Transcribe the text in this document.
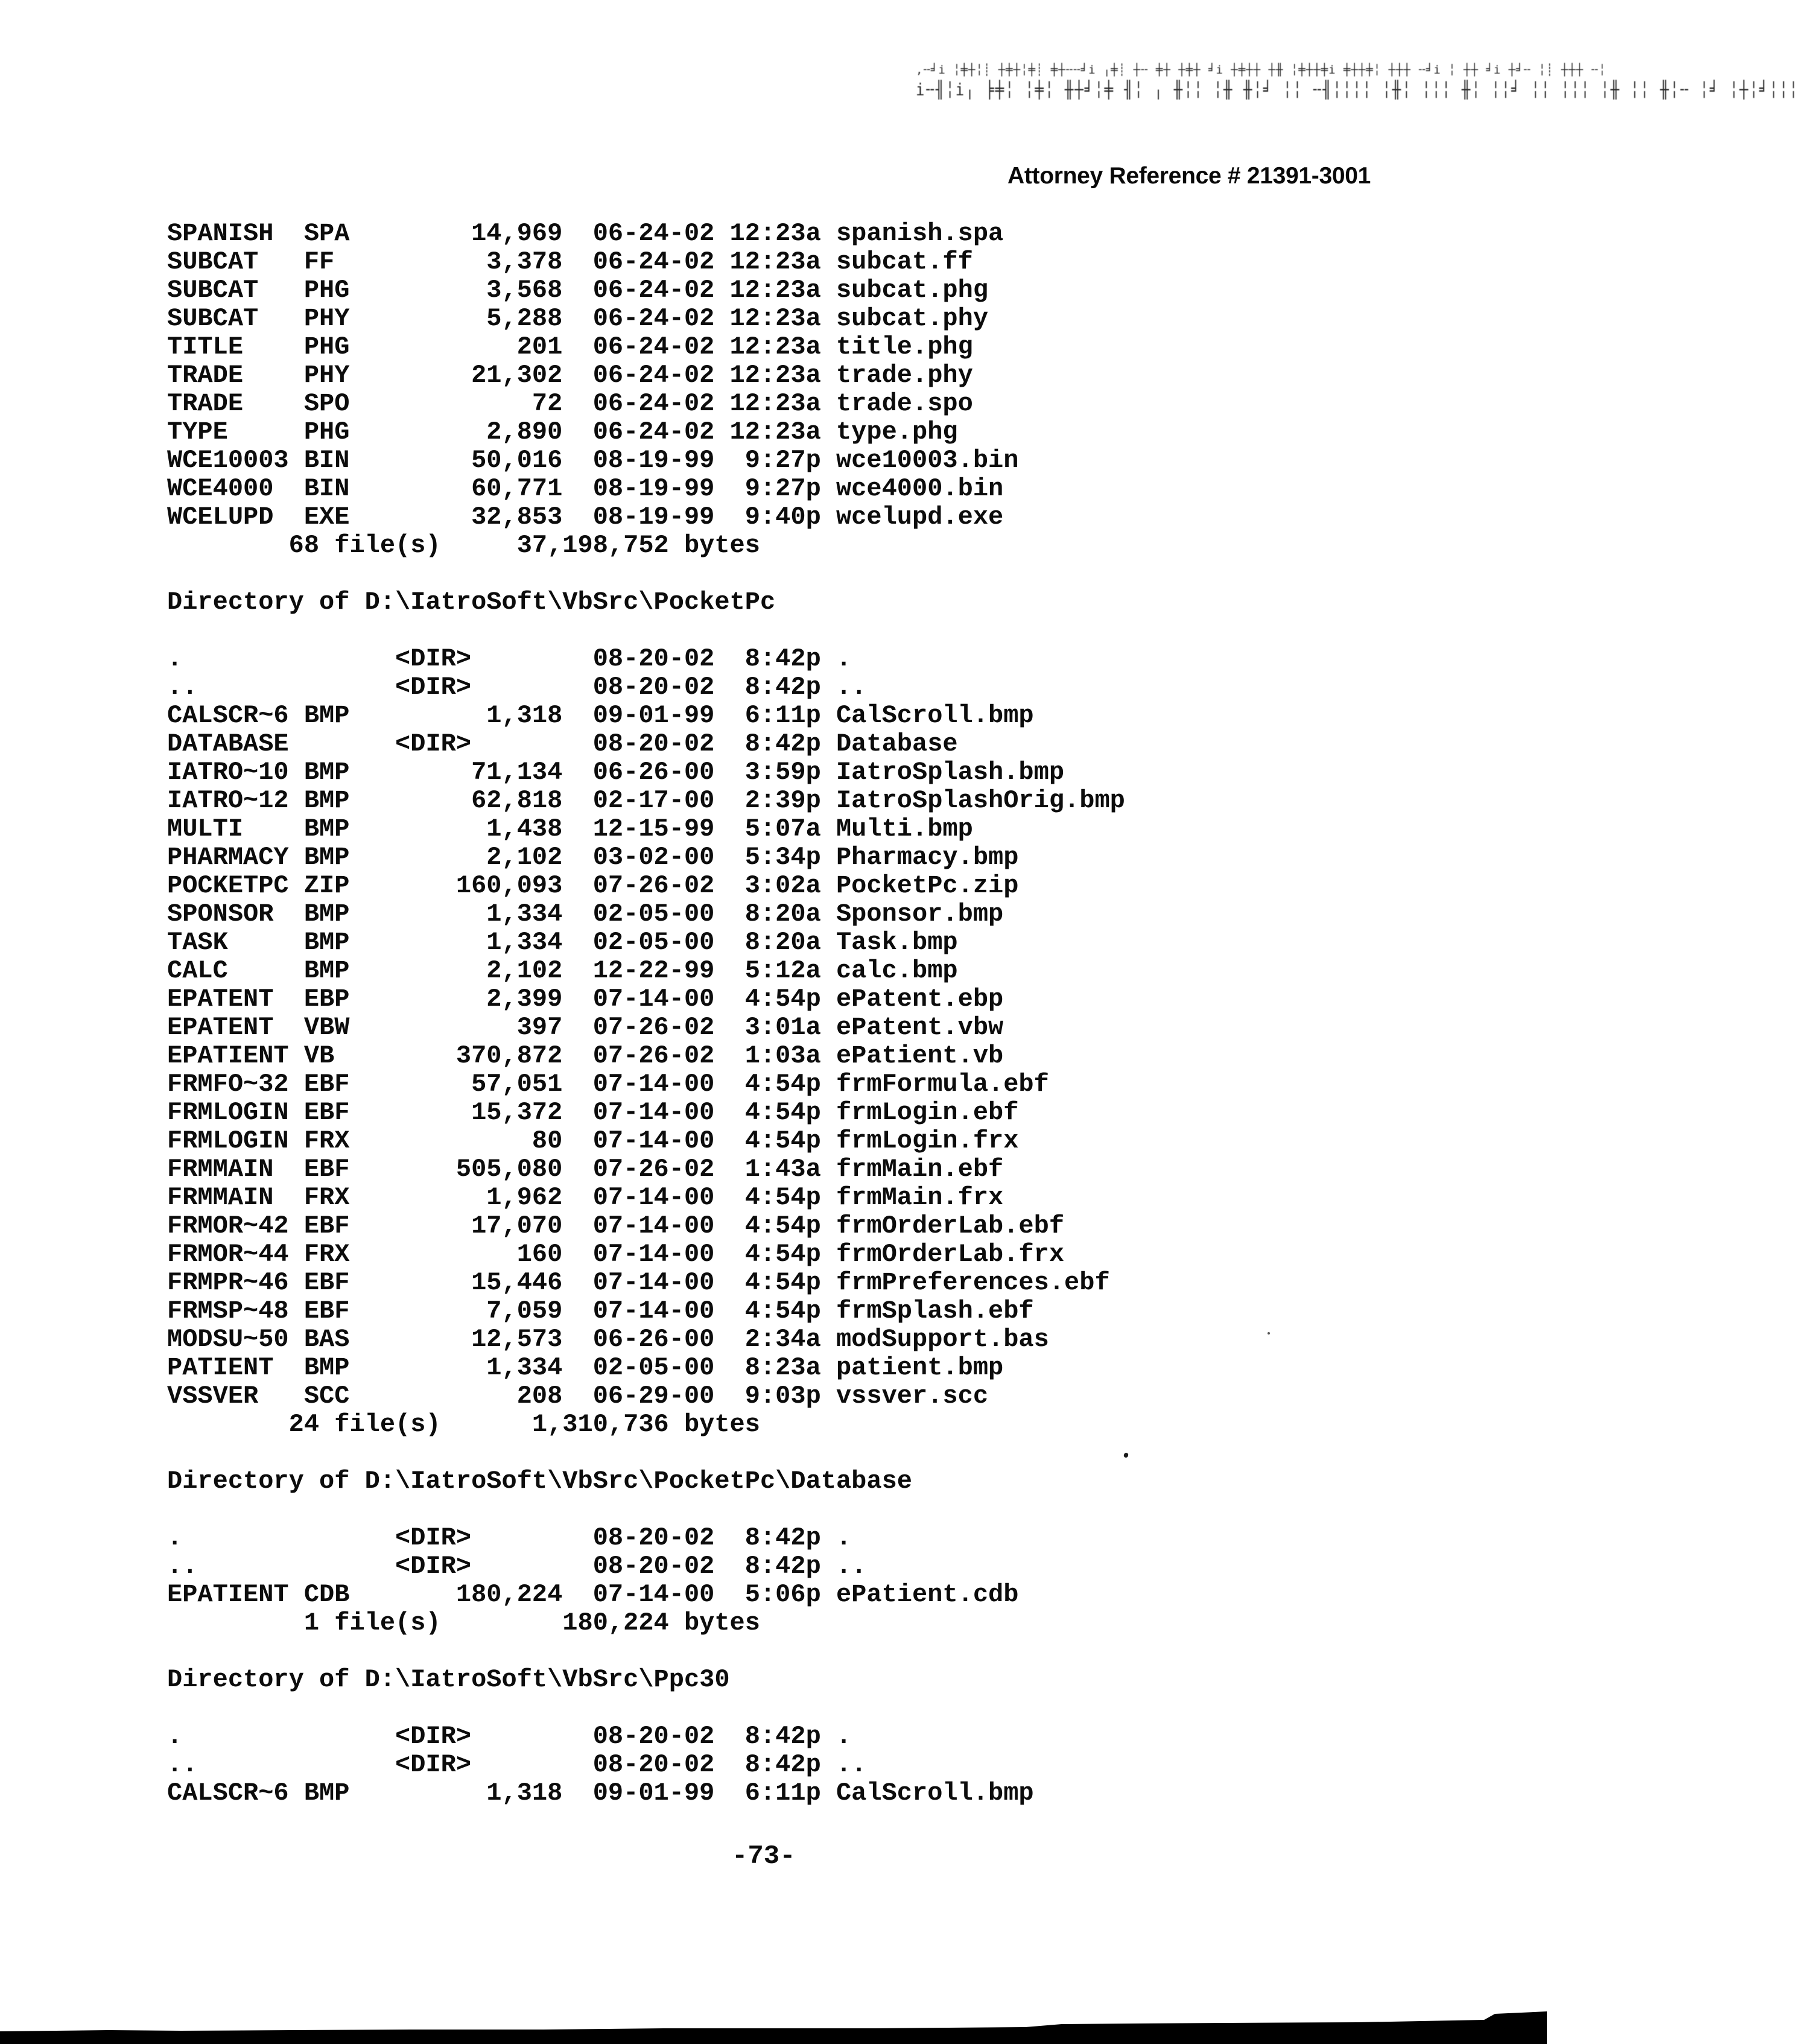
,╌╛i ╎╪┼╎┊ ┼╪┼╎╪┊ ╪┼╌╌╛i ╷╪┊ ┼╌ ╪┼ ┼╪┼ ╛i ┼╪┼┼ ┼╫ ╎╪┼┼╪i ╪┼┼╪╎ ┼┼┼ ╌╛i ╎ ┼┼ ╛i ┼╛╌ ╎┊ ┼┼┼ ╌╎
i╌╢╎i╷ ╞╪╎ ╎╪╎ ╫┼╛╎╪ ╢╎ ╷ ╫╎╎ ╎╫ ╫╎╛ ╎╎ ╌╢╎╎╎╎ ╎╫╎ ╎╎╎ ╫╎ ╎╎╛ ╎╎ ╎╎╎ ╎╫ ╎╎ ╫╎╌ ╎╛ ╎┼╎╛╎╎╎
Attorney Reference # 21391-3001
SPANISH  SPA        14,969  06-24-02 12:23a spanish.spa
SUBCAT   FF          3,378  06-24-02 12:23a subcat.ff
SUBCAT   PHG         3,568  06-24-02 12:23a subcat.phg
SUBCAT   PHY         5,288  06-24-02 12:23a subcat.phy
TITLE    PHG           201  06-24-02 12:23a title.phg
TRADE    PHY        21,302  06-24-02 12:23a trade.phy
TRADE    SPO            72  06-24-02 12:23a trade.spo
TYPE     PHG         2,890  06-24-02 12:23a type.phg
WCE10003 BIN        50,016  08-19-99  9:27p wce10003.bin
WCE4000  BIN        60,771  08-19-99  9:27p wce4000.bin
WCELUPD  EXE        32,853  08-19-99  9:40p wcelupd.exe
68 file(s)     37,198,752 bytes

Directory of D:\IatroSoft\VbSrc\PocketPc

.              <DIR>        08-20-02  8:42p .
..             <DIR>        08-20-02  8:42p ..
CALSCR~6 BMP         1,318  09-01-99  6:11p CalScroll.bmp
DATABASE       <DIR>        08-20-02  8:42p Database
IATRO~10 BMP        71,134  06-26-00  3:59p IatroSplash.bmp
IATRO~12 BMP        62,818  02-17-00  2:39p IatroSplashOrig.bmp
MULTI    BMP         1,438  12-15-99  5:07a Multi.bmp
PHARMACY BMP         2,102  03-02-00  5:34p Pharmacy.bmp
POCKETPC ZIP       160,093  07-26-02  3:02a PocketPc.zip
SPONSOR  BMP         1,334  02-05-00  8:20a Sponsor.bmp
TASK     BMP         1,334  02-05-00  8:20a Task.bmp
CALC     BMP         2,102  12-22-99  5:12a calc.bmp
EPATENT  EBP         2,399  07-14-00  4:54p ePatent.ebp
EPATENT  VBW           397  07-26-02  3:01a ePatent.vbw
EPATIENT VB        370,872  07-26-02  1:03a ePatient.vb
FRMFO~32 EBF        57,051  07-14-00  4:54p frmFormula.ebf
FRMLOGIN EBF        15,372  07-14-00  4:54p frmLogin.ebf
FRMLOGIN FRX            80  07-14-00  4:54p frmLogin.frx
FRMMAIN  EBF       505,080  07-26-02  1:43a frmMain.ebf
FRMMAIN  FRX         1,962  07-14-00  4:54p frmMain.frx
FRMOR~42 EBF        17,070  07-14-00  4:54p frmOrderLab.ebf
FRMOR~44 FRX           160  07-14-00  4:54p frmOrderLab.frx
FRMPR~46 EBF        15,446  07-14-00  4:54p frmPreferences.ebf
FRMSP~48 EBF         7,059  07-14-00  4:54p frmSplash.ebf
MODSU~50 BAS        12,573  06-26-00  2:34a modSupport.bas
PATIENT  BMP         1,334  02-05-00  8:23a patient.bmp
VSSVER   SCC           208  06-29-00  9:03p vssver.scc
24 file(s)      1,310,736 bytes

Directory of D:\IatroSoft\VbSrc\PocketPc\Database

.              <DIR>        08-20-02  8:42p .
..             <DIR>        08-20-02  8:42p ..
EPATIENT CDB       180,224  07-14-00  5:06p ePatient.cdb
1 file(s)        180,224 bytes

Directory of D:\IatroSoft\VbSrc\Ppc30

.              <DIR>        08-20-02  8:42p .
..             <DIR>        08-20-02  8:42p ..
CALSCR~6 BMP         1,318  09-01-99  6:11p CalScroll.bmp
-73-
